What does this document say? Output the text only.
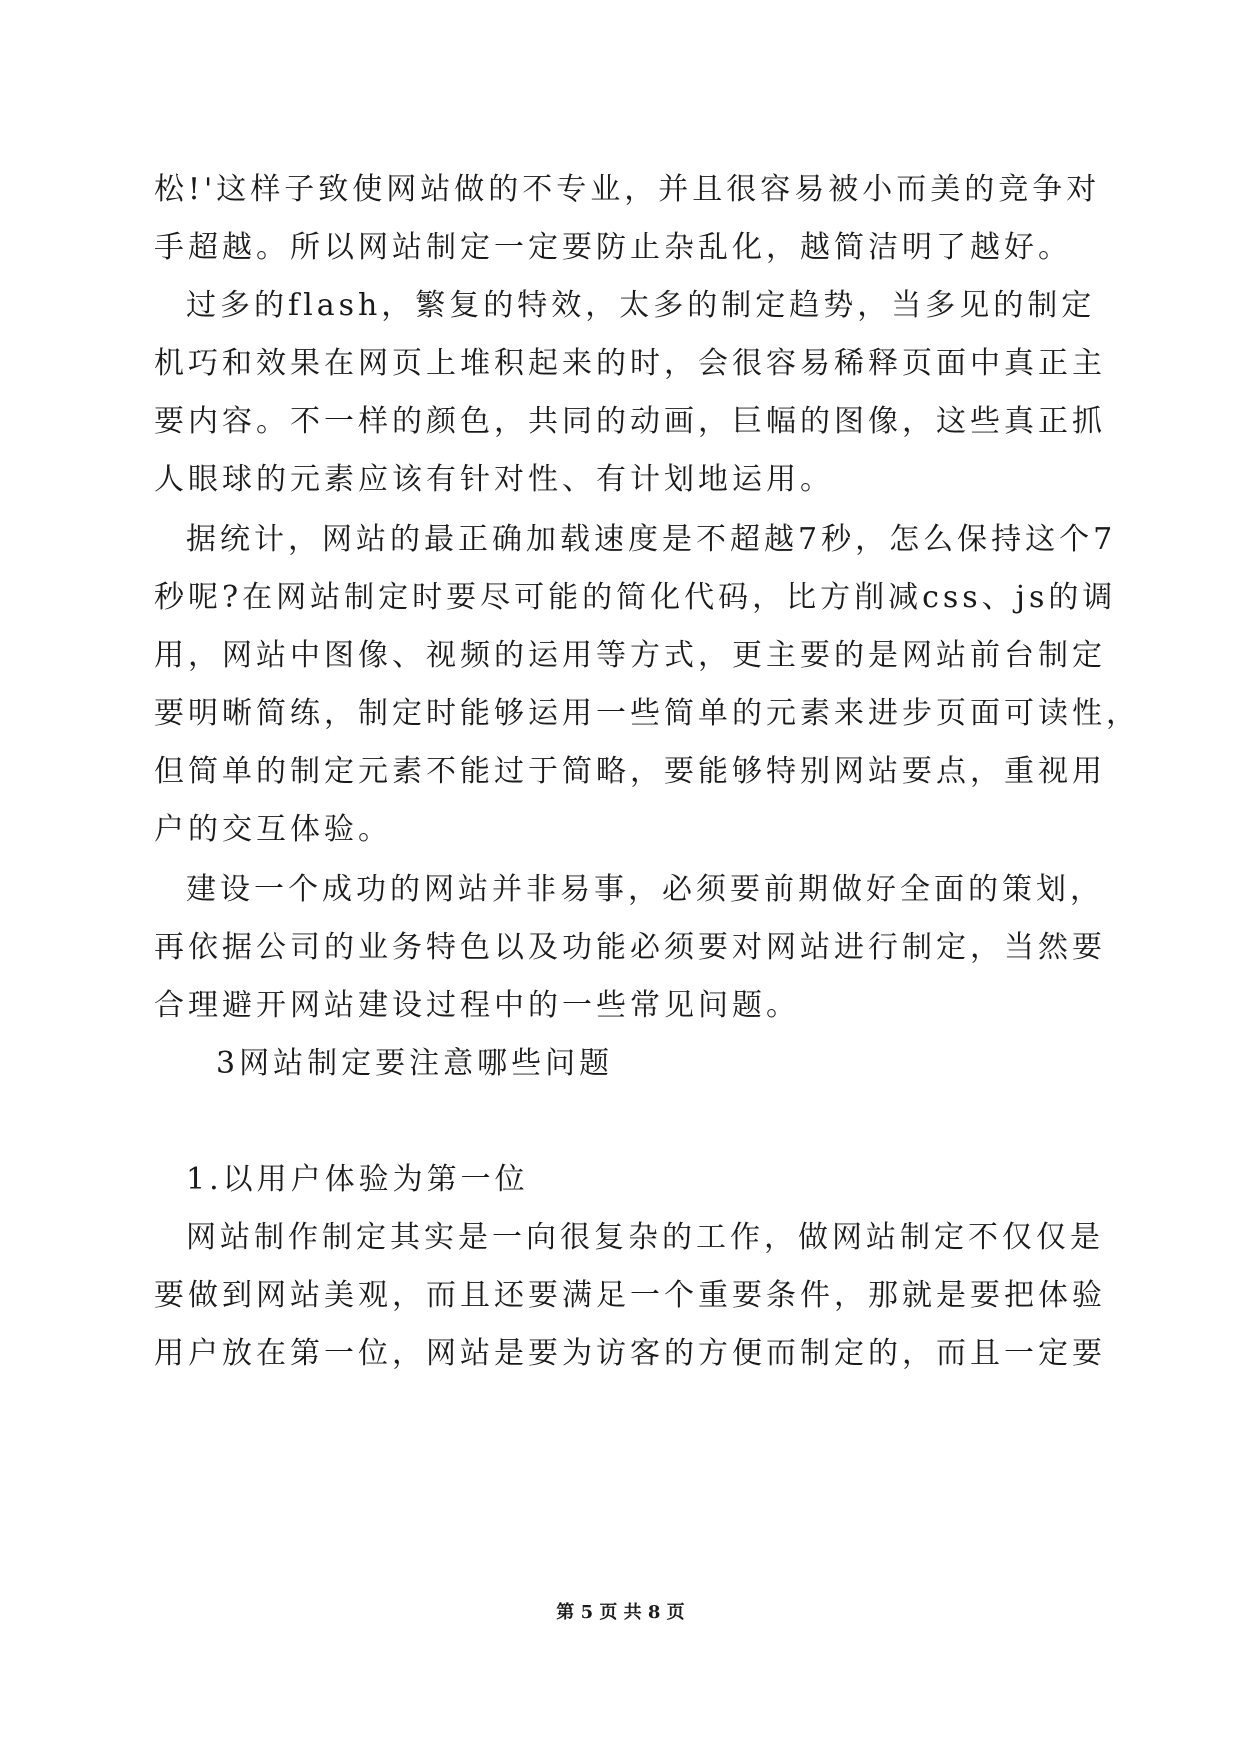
松!'这样子致使网站做的不专业，并且很容易被小而美的竞争对
手超越。所以网站制定一定要防止杂乱化，越简洁明了越好。
过多的flash，繁复的特效，太多的制定趋势，当多见的制定
机巧和效果在网页上堆积起来的时，会很容易稀释页面中真正主
要内容。不一样的颜色，共同的动画，巨幅的图像，这些真正抓
人眼球的元素应该有针对性、有计划地运用。
据统计，网站的最正确加载速度是不超越7秒，怎么保持这个7
秒呢?在网站制定时要尽可能的简化代码，比方削减css、js的调
用，网站中图像、视频的运用等方式，更主要的是网站前台制定
要明晰简练，制定时能够运用一些简单的元素来进步页面可读性，
但简单的制定元素不能过于简略，要能够特别网站要点，重视用
户的交互体验。
建设一个成功的网站并非易事，必须要前期做好全面的策划，
再依据公司的业务特色以及功能必须要对网站进行制定，当然要
合理避开网站建设过程中的一些常见问题。
3网站制定要注意哪些问题
1.以用户体验为第一位
网站制作制定其实是一向很复杂的工作，做网站制定不仅仅是
要做到网站美观，而且还要满足一个重要条件，那就是要把体验
用户放在第一位，网站是要为访客的方便而制定的，而且一定要
第 5 页 共 8 页
